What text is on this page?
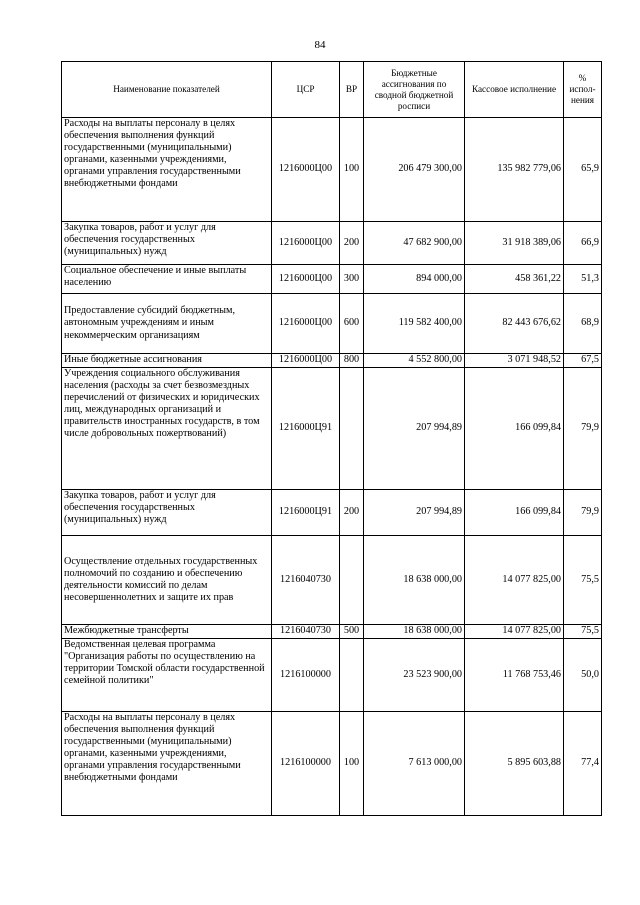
84
Наименование показателей	ЦСР	ВР	Бюджетные ассигнования по сводной бюджетной росписи	Кассовое исполнение	% испол-нения
Расходы на выплаты персоналу в целях обеспечения выполнения функций государственными (муниципальными) органами, казенными учреждениями, органами управления государственными внебюджетными фондами	1216000Ц00	100	206 479 300,00	135 982 779,06	65,9
Закупка товаров, работ и услуг для обеспечения государственных (муниципальных) нужд	1216000Ц00	200	47 682 900,00	31 918 389,06	66,9
Социальное обеспечение и иные выплаты населению	1216000Ц00	300	894 000,00	458 361,22	51,3
Предоставление субсидий бюджетным, автономным учреждениям и иным некоммерческим организациям	1216000Ц00	600	119 582 400,00	82 443 676,62	68,9
Иные бюджетные ассигнования	1216000Ц00	800	4 552 800,00	3 071 948,52	67,5
Учреждения социального обслуживания населения (расходы за счет безвозмездных перечислений от физических и юридических лиц, международных организаций и правительств иностранных государств, в том числе добровольных пожертвований)	1216000Ц91		207 994,89	166 099,84	79,9
Закупка товаров, работ и услуг для обеспечения государственных (муниципальных) нужд	1216000Ц91	200	207 994,89	166 099,84	79,9
Осуществление отдельных государственных полномочий по созданию и обеспечению деятельности комиссий по делам несовершеннолетних и защите их прав	1216040730		18 638 000,00	14 077 825,00	75,5
Межбюджетные трансферты	1216040730	500	18 638 000,00	14 077 825,00	75,5
Ведомственная целевая программа "Организация работы по осуществлению на территории Томской области государственной семейной политики"	1216100000		23 523 900,00	11 768 753,46	50,0
Расходы на выплаты персоналу в целях обеспечения выполнения функций государственными (муниципальными) органами, казенными учреждениями, органами управления государственными внебюджетными фондами	1216100000	100	7 613 000,00	5 895 603,88	77,4
